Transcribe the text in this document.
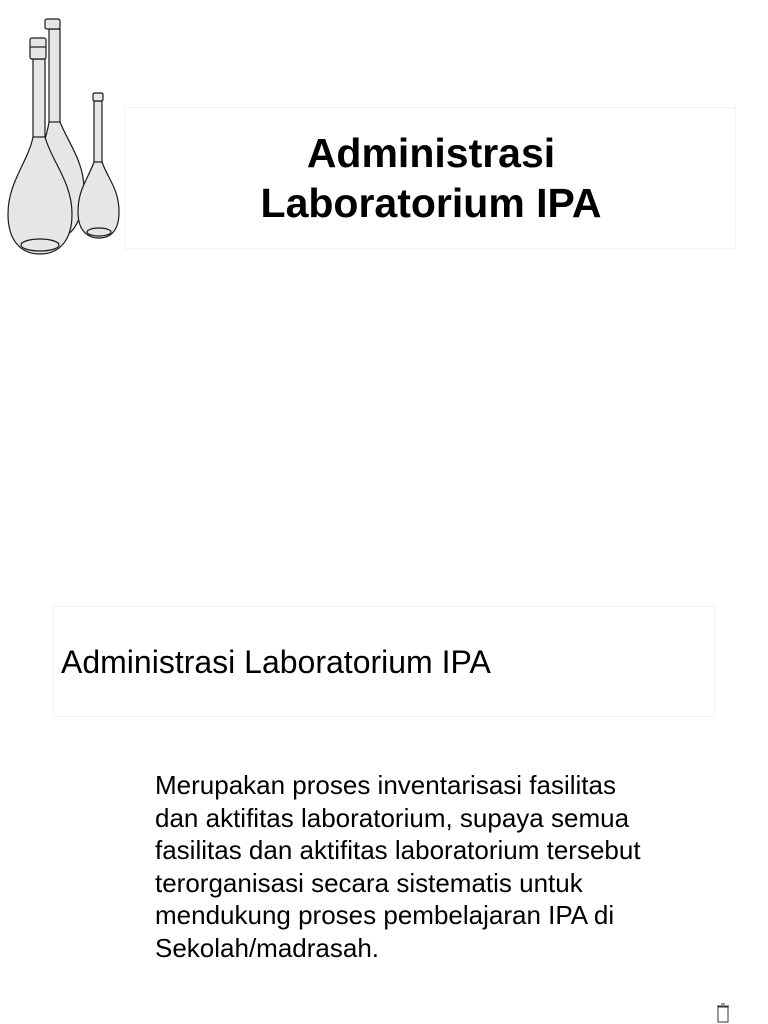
Administrasi
Laboratorium IPA
Administrasi Laboratorium IPA

Merupakan proses inventarisasi fasilitas
dan aktifitas laboratorium, supaya semua
fasilitas dan aktifitas laboratorium tersebut
terorganisasi secara sistematis untuk
mendukung proses pembelajaran IPA di
Sekolah/madrasah.
